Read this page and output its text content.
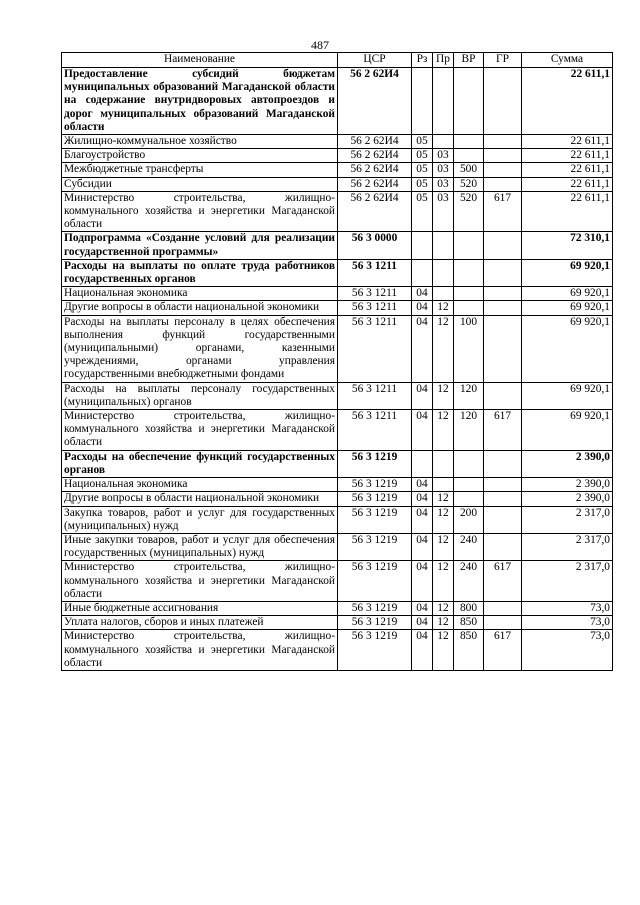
487
Наименование	ЦСР	Рз	Пр	ВР	ГР	Сумма
Предоставление субсидий бюджетам муниципальных образований Магаданской области на содержание внутридворовых автопроездов и дорог муниципальных образований Магаданской области	56 2 62И4					22 611,1
Жилищно-коммунальное хозяйство	56 2 62И4	05				22 611,1
Благоустройство	56 2 62И4	05	03			22 611,1
Межбюджетные трансферты	56 2 62И4	05	03	500		22 611,1
Субсидии	56 2 62И4	05	03	520		22 611,1
Министерство строительства, жилищно-коммунального хозяйства и энергетики Магаданской области	56 2 62И4	05	03	520	617	22 611,1
Подпрограмма «Создание условий для реализации государственной программы»	56 3 0000					72 310,1
Расходы на выплаты по оплате труда работников государственных органов	56 3 1211					69 920,1
Национальная экономика	56 3 1211	04				69 920,1
Другие вопросы в области национальной экономики	56 3 1211	04	12			69 920,1
Расходы на выплаты персоналу в целях обеспечения выполнения функций государственными (муниципальными) органами, казенными учреждениями, органами управления государственными внебюджетными фондами	56 3 1211	04	12	100		69 920,1
Расходы на выплаты персоналу государственных (муниципальных) органов	56 3 1211	04	12	120		69 920,1
Министерство строительства, жилищно-коммунального хозяйства и энергетики Магаданской области	56 3 1211	04	12	120	617	69 920,1
Расходы на обеспечение функций государственных органов	56 3 1219					2 390,0
Национальная экономика	56 3 1219	04				2 390,0
Другие вопросы в области национальной экономики	56 3 1219	04	12			2 390,0
Закупка товаров, работ и услуг для государственных (муниципальных) нужд	56 3 1219	04	12	200		2 317,0
Иные закупки товаров, работ и услуг для обеспечения государственных (муниципальных) нужд	56 3 1219	04	12	240		2 317,0
Министерство строительства, жилищно-коммунального хозяйства и энергетики Магаданской области	56 3 1219	04	12	240	617	2 317,0
Иные бюджетные ассигнования	56 3 1219	04	12	800		73,0
Уплата налогов, сборов и иных платежей	56 3 1219	04	12	850		73,0
Министерство строительства, жилищно-коммунального хозяйства и энергетики Магаданской области	56 3 1219	04	12	850	617	73,0
